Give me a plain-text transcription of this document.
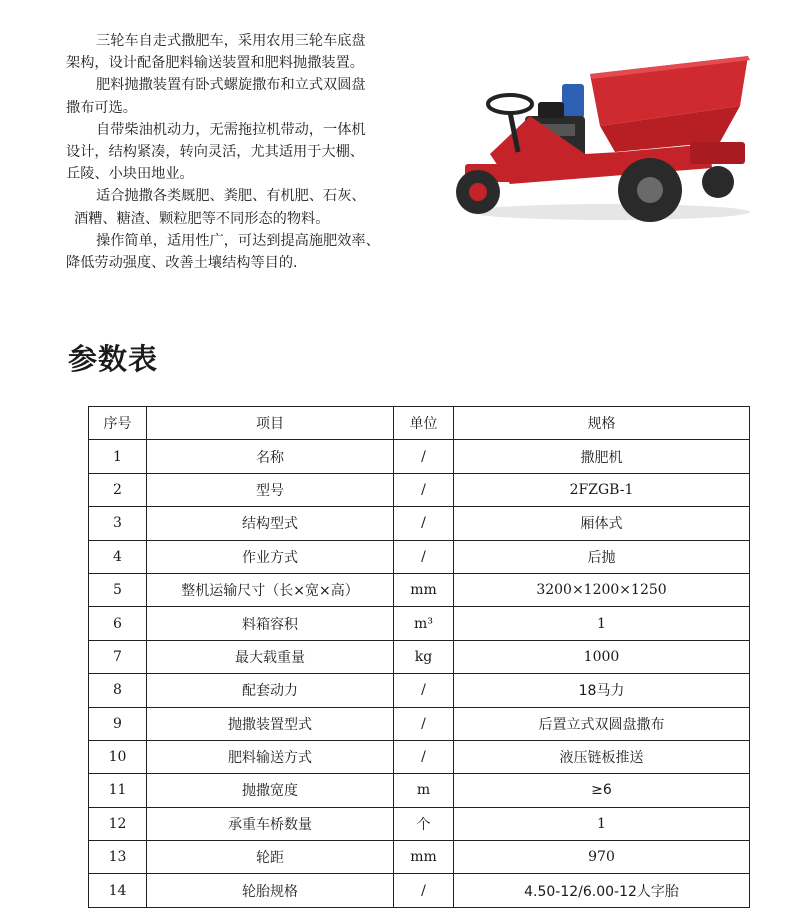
三轮车自走式撒肥车，采用农用三轮车底盘
架构，设计配备肥料输送装置和肥料抛撒装置。

肥料抛撒装置有卧式螺旋撒布和立式双圆盘
撒布可选。

自带柴油机动力，无需拖拉机带动，一体机
设计，结构紧凑，转向灵活，尤其适用于大棚、
丘陵、小块田地业。

适合抛撒各类厩肥、粪肥、有机肥、石灰、
酒糟、糖渣、颗粒肥等不同形态的物料。

操作简单，适用性广，可达到提高施肥效率、
降低劳动强度、改善土壤结构等目的.

参数表
序号	项目	单位	规格
1	名称	/	撒肥机
2	型号	/	2FZGB-1
3	结构型式	/	厢体式
4	作业方式	/	后抛
5	整机运输尺寸（长×宽×高）	mm	3200×1200×1250
6	料箱容积	m³	1
7	最大载重量	kg	1000
8	配套动力	/	18马力
9	抛撒装置型式	/	后置立式双圆盘撒布
10	肥料输送方式	/	液压链板推送
11	抛撒宽度	m	≥6
12	承重车桥数量	个	1
13	轮距	mm	970
14	轮胎规格	/	4.50-12/6.00-12人字胎
